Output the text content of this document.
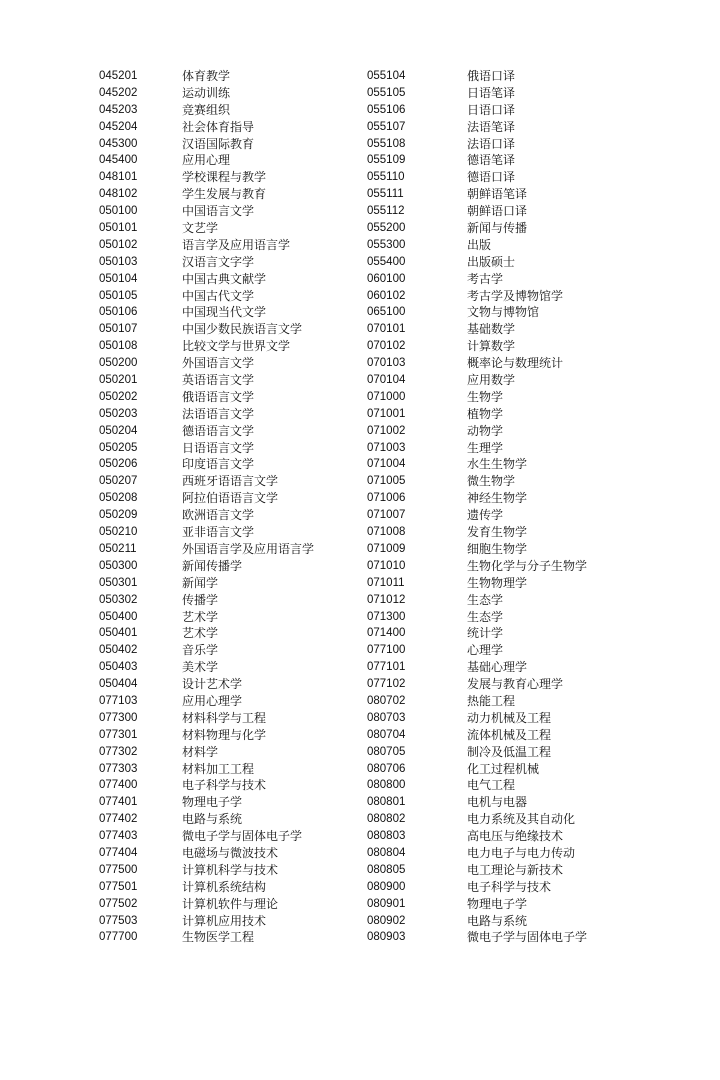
045201	体育教学	055104	俄语口译
045202	运动训练	055105	日语笔译
045203	竞赛组织	055106	日语口译
045204	社会体育指导	055107	法语笔译
045300	汉语国际教育	055108	法语口译
045400	应用心理	055109	德语笔译
048101	学校课程与教学	055110	德语口译
048102	学生发展与教育	055111	朝鲜语笔译
050100	中国语言文学	055112	朝鲜语口译
050101	文艺学	055200	新闻与传播
050102	语言学及应用语言学	055300	出版
050103	汉语言文字学	055400	出版硕士
050104	中国古典文献学	060100	考古学
050105	中国古代文学	060102	考古学及博物馆学
050106	中国现当代文学	065100	文物与博物馆
050107	中国少数民族语言文学	070101	基础数学
050108	比较文学与世界文学	070102	计算数学
050200	外国语言文学	070103	概率论与数理统计
050201	英语语言文学	070104	应用数学
050202	俄语语言文学	071000	生物学
050203	法语语言文学	071001	植物学
050204	德语语言文学	071002	动物学
050205	日语语言文学	071003	生理学
050206	印度语言文学	071004	水生生物学
050207	西班牙语语言文学	071005	微生物学
050208	阿拉伯语语言文学	071006	神经生物学
050209	欧洲语言文学	071007	遗传学
050210	亚非语言文学	071008	发育生物学
050211	外国语言学及应用语言学	071009	细胞生物学
050300	新闻传播学	071010	生物化学与分子生物学
050301	新闻学	071011	生物物理学
050302	传播学	071012	生态学
050400	艺术学	071300	生态学
050401	艺术学	071400	统计学
050402	音乐学	077100	心理学
050403	美术学	077101	基础心理学
050404	设计艺术学	077102	发展与教育心理学
077103	应用心理学	080702	热能工程
077300	材料科学与工程	080703	动力机械及工程
077301	材料物理与化学	080704	流体机械及工程
077302	材料学	080705	制冷及低温工程
077303	材料加工工程	080706	化工过程机械
077400	电子科学与技术	080800	电气工程
077401	物理电子学	080801	电机与电器
077402	电路与系统	080802	电力系统及其自动化
077403	微电子学与固体电子学	080803	高电压与绝缘技术
077404	电磁场与微波技术	080804	电力电子与电力传动
077500	计算机科学与技术	080805	电工理论与新技术
077501	计算机系统结构	080900	电子科学与技术
077502	计算机软件与理论	080901	物理电子学
077503	计算机应用技术	080902	电路与系统
077700	生物医学工程	080903	微电子学与固体电子学
